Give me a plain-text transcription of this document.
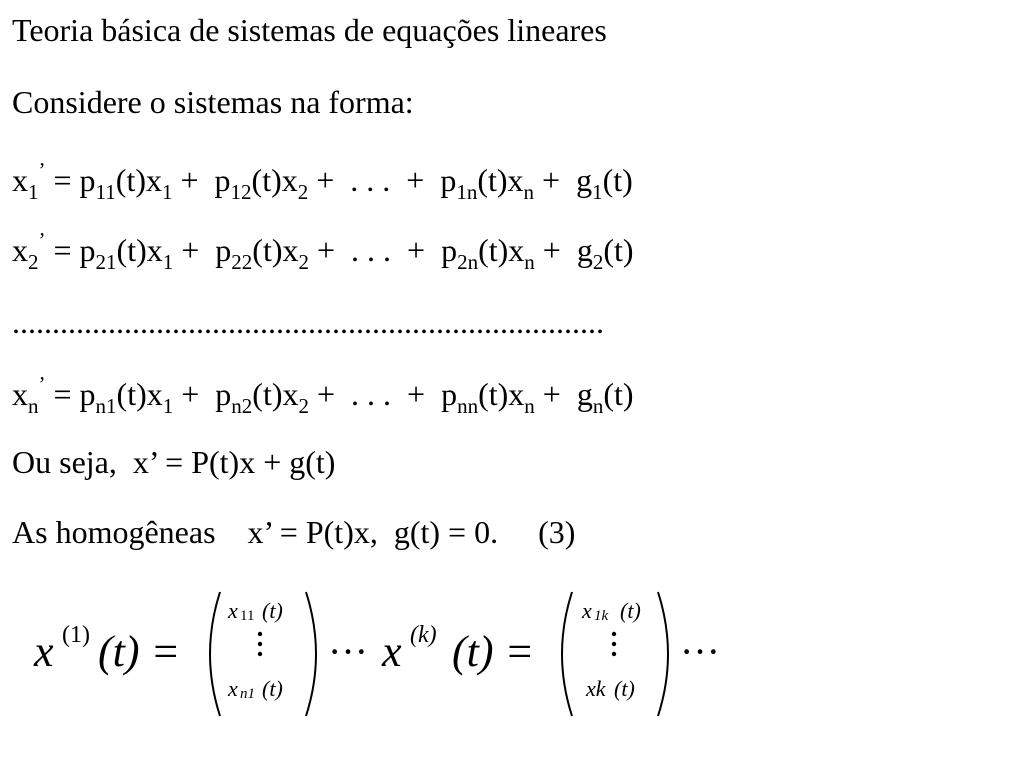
Teoria básica de sistemas de equações lineares
Considere o sistemas na forma:
$x_1^’ = p_{11}(t)x_1 + p_{12}(t)x_2$ +  . . .  +  $p_{1n}(t)x_n + g_1(t)$
$x_2^’ = p_{21}(t)x_1 + p_{22}(t)x_2$ +  . . .  +  $p_{2n}(t)x_n + g_2(t)$
..........................................................................
$x_n^’ = p_{n1}(t)x_1 + p_{n2}(t)x_2$ +  . . .  +  $p_{nn}(t)x_n + g_n(t)$
Ou seja,  x’ = P(t)x + g(t)
As homogêneas    x’ = P(t)x,  g(t) = 0.     (3)
x (1) (t) =
x 11 (t)
x n1 (t)
··· x (k) (t) =
x 1k (t)
xk (t)
···
